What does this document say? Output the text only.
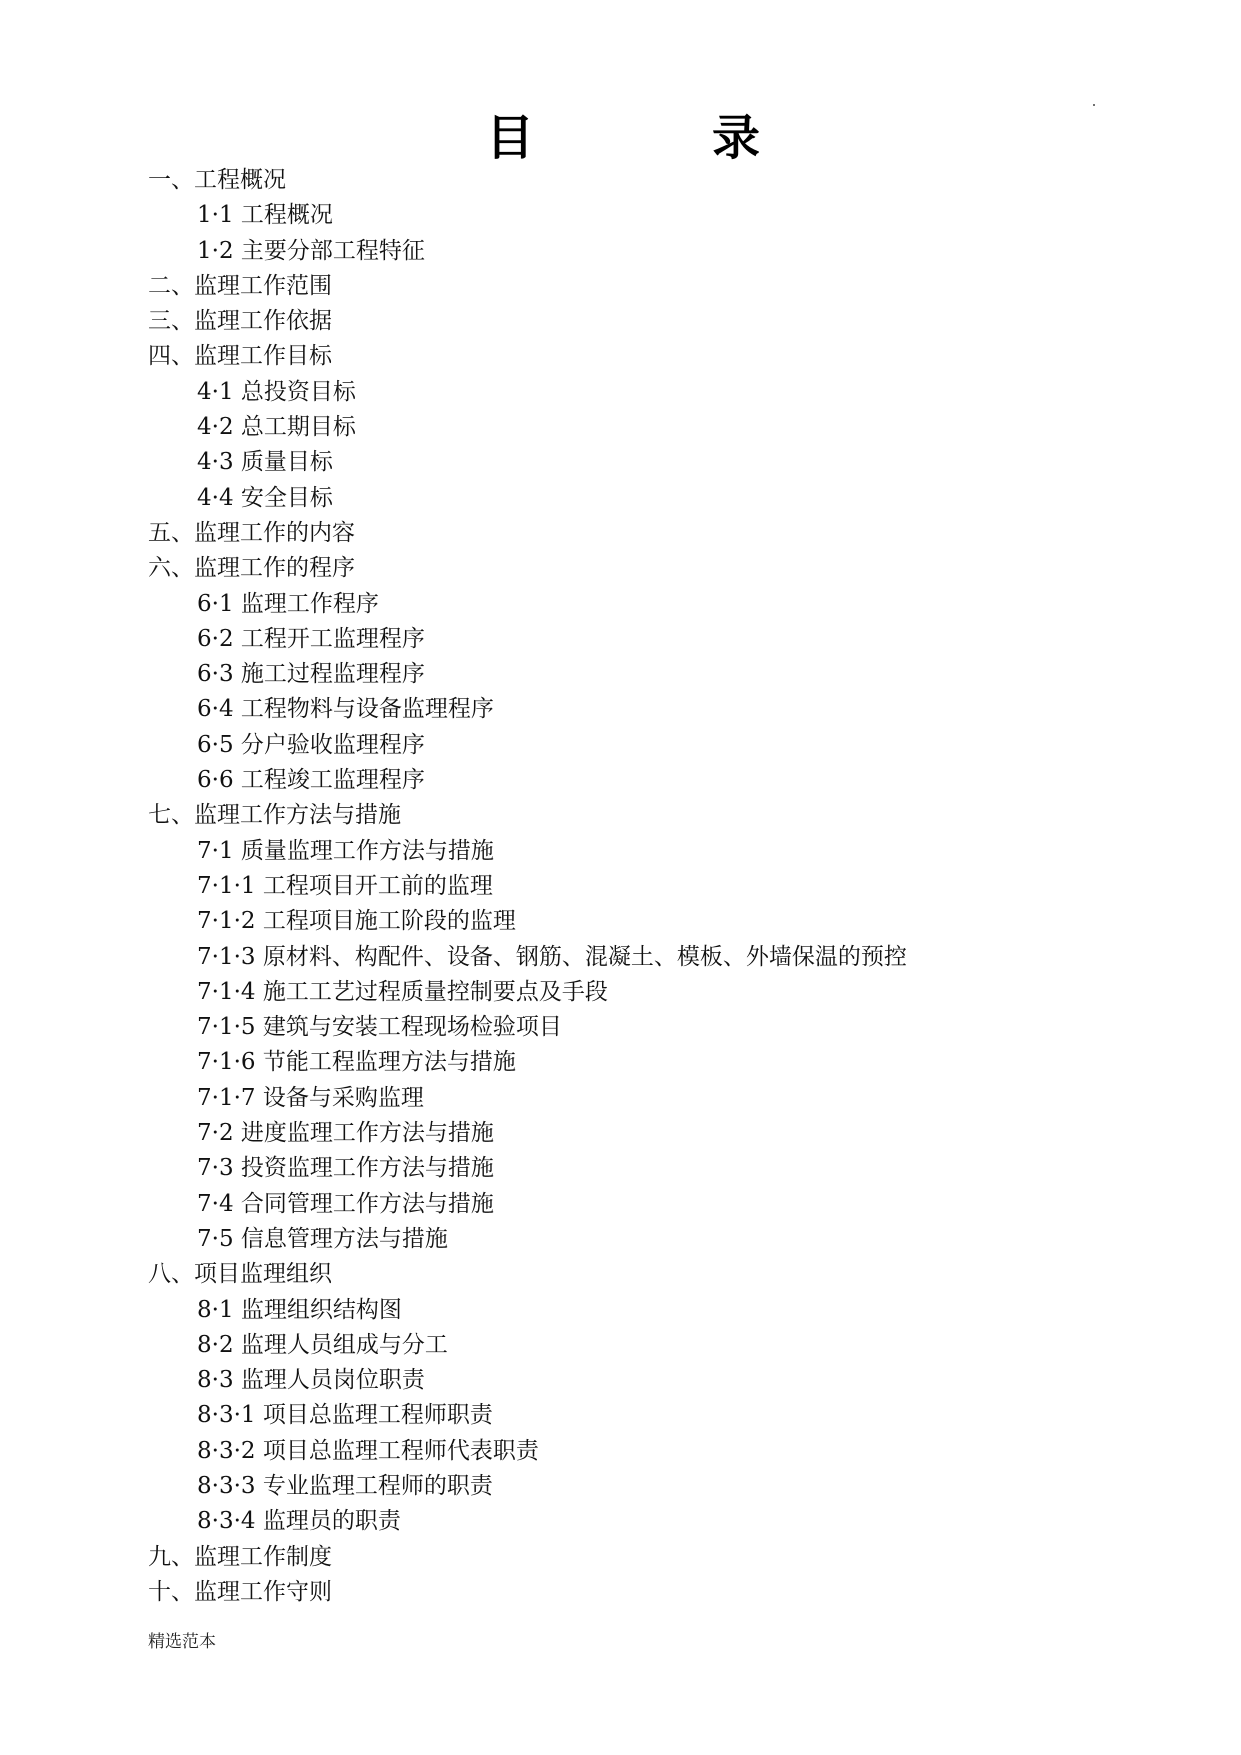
目	录
一、工程概况
1·1 工程概况
1·2 主要分部工程特征
二、监理工作范围
三、监理工作依据
四、监理工作目标
4·1 总投资目标
4·2 总工期目标
4·3 质量目标
4·4 安全目标
五、监理工作的内容
六、监理工作的程序
6·1 监理工作程序
6·2 工程开工监理程序
6·3 施工过程监理程序
6·4 工程物料与设备监理程序
6·5 分户验收监理程序
6·6 工程竣工监理程序
七、监理工作方法与措施
7·1 质量监理工作方法与措施
7·1·1 工程项目开工前的监理
7·1·2 工程项目施工阶段的监理
7·1·3 原材料、构配件、设备、钢筋、混凝土、模板、外墙保温的预控
7·1·4 施工工艺过程质量控制要点及手段
7·1·5 建筑与安装工程现场检验项目
7·1·6 节能工程监理方法与措施
7·1·7 设备与采购监理
7·2 进度监理工作方法与措施
7·3 投资监理工作方法与措施
7·4 合同管理工作方法与措施
7·5 信息管理方法与措施
八、项目监理组织
8·1 监理组织结构图
8·2 监理人员组成与分工
8·3 监理人员岗位职责
8·3·1 项目总监理工程师职责
8·3·2 项目总监理工程师代表职责
8·3·3 专业监理工程师的职责
8·3·4 监理员的职责
九、监理工作制度
十、监理工作守则
精选范本
